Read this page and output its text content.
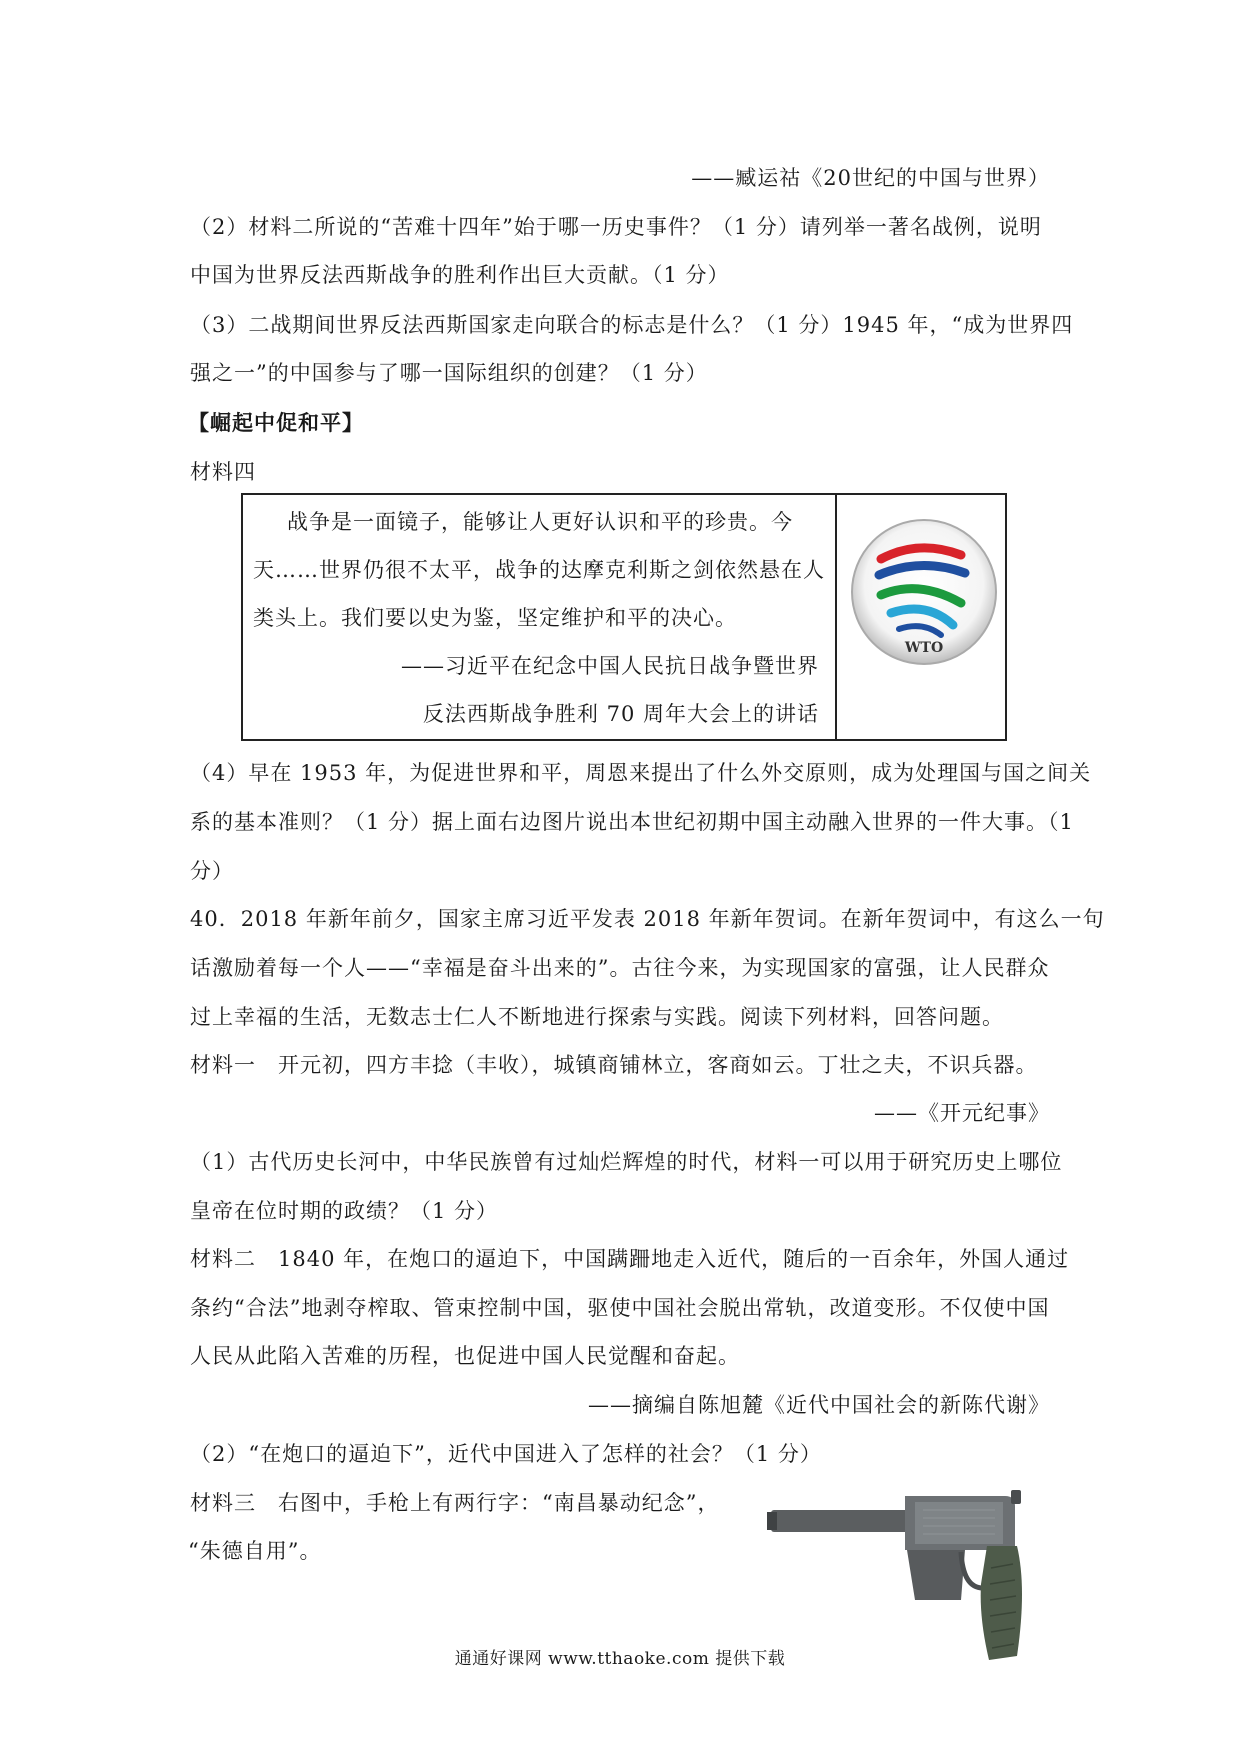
——臧运祜《20世纪的中国与世界）
（2）材料二所说的“苦难十四年”始于哪一历史事件？（1 分）请列举一著名战例，说明
中国为世界反法西斯战争的胜利作出巨大贡献。（1 分）
（3）二战期间世界反法西斯国家走向联合的标志是什么？（1 分）1945 年，“成为世界四
强之一”的中国参与了哪一国际组织的创建？（1 分）
【崛起中促和平】
材料四
战争是一面镜子，能够让人更好认识和平的珍贵。今
天……世界仍很不太平，战争的达摩克利斯之剑依然悬在人
类头上。我们要以史为鉴，坚定维护和平的决心。
——习近平在纪念中国人民抗日战争暨世界
反法西斯战争胜利 70 周年大会上的讲话
WTO
（4）早在 1953 年，为促进世界和平，周恩来提出了什么外交原则，成为处理国与国之间关
系的基本准则？（1 分）据上面右边图片说出本世纪初期中国主动融入世界的一件大事。（1
分）
40．2018 年新年前夕，国家主席习近平发表 2018 年新年贺词。在新年贺词中，有这么一句
话激励着每一个人——“幸福是奋斗出来的”。古往今来，为实现国家的富强，让人民群众
过上幸福的生活，无数志士仁人不断地进行探索与实践。阅读下列材料，回答问题。
材料一　开元初，四方丰捻（丰收），城镇商铺林立，客商如云。丁壮之夫，不识兵器。
——《开元纪事》
（1）古代历史长河中，中华民族曾有过灿烂辉煌的时代，材料一可以用于研究历史上哪位
皇帝在位时期的政绩？（1 分）
材料二　1840 年，在炮口的逼迫下，中国蹒跚地走入近代，随后的一百余年，外国人通过
条约“合法”地剥夺榨取、管束控制中国，驱使中国社会脱出常轨，改道变形。不仅使中国
人民从此陷入苦难的历程，也促进中国人民觉醒和奋起。
——摘编自陈旭麓《近代中国社会的新陈代谢》
（2）“在炮口的逼迫下”，近代中国进入了怎样的社会？（1 分）
材料三　右图中，手枪上有两行字：“南昌暴动纪念”，
“朱德自用”。
通通好课网 www.tthaoke.com 提供下载
